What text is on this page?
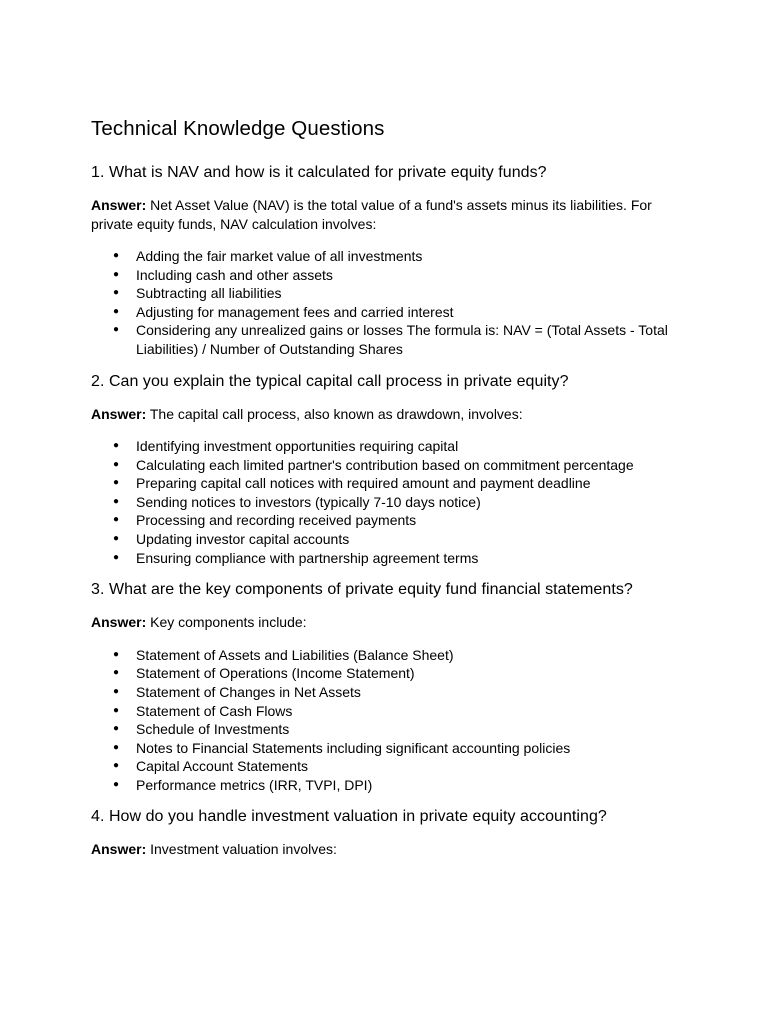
Technical Knowledge Questions
1. What is NAV and how is it calculated for private equity funds?

Answer: Net Asset Value (NAV) is the total value of a fund's assets minus its liabilities. For private equity funds, NAV calculation involves:

● Adding the fair market value of all investments
● Including cash and other assets
● Subtracting all liabilities
● Adjusting for management fees and carried interest
● Considering any unrealized gains or losses The formula is: NAV = (Total Assets - Total Liabilities) / Number of Outstanding Shares
2. Can you explain the typical capital call process in private equity?

Answer: The capital call process, also known as drawdown, involves:

● Identifying investment opportunities requiring capital
● Calculating each limited partner's contribution based on commitment percentage
● Preparing capital call notices with required amount and payment deadline
● Sending notices to investors (typically 7-10 days notice)
● Processing and recording received payments
● Updating investor capital accounts
● Ensuring compliance with partnership agreement terms
3. What are the key components of private equity fund financial statements?

Answer: Key components include:

● Statement of Assets and Liabilities (Balance Sheet)
● Statement of Operations (Income Statement)
● Statement of Changes in Net Assets
● Statement of Cash Flows
● Schedule of Investments
● Notes to Financial Statements including significant accounting policies
● Capital Account Statements
● Performance metrics (IRR, TVPI, DPI)
4. How do you handle investment valuation in private equity accounting?

Answer: Investment valuation involves:
